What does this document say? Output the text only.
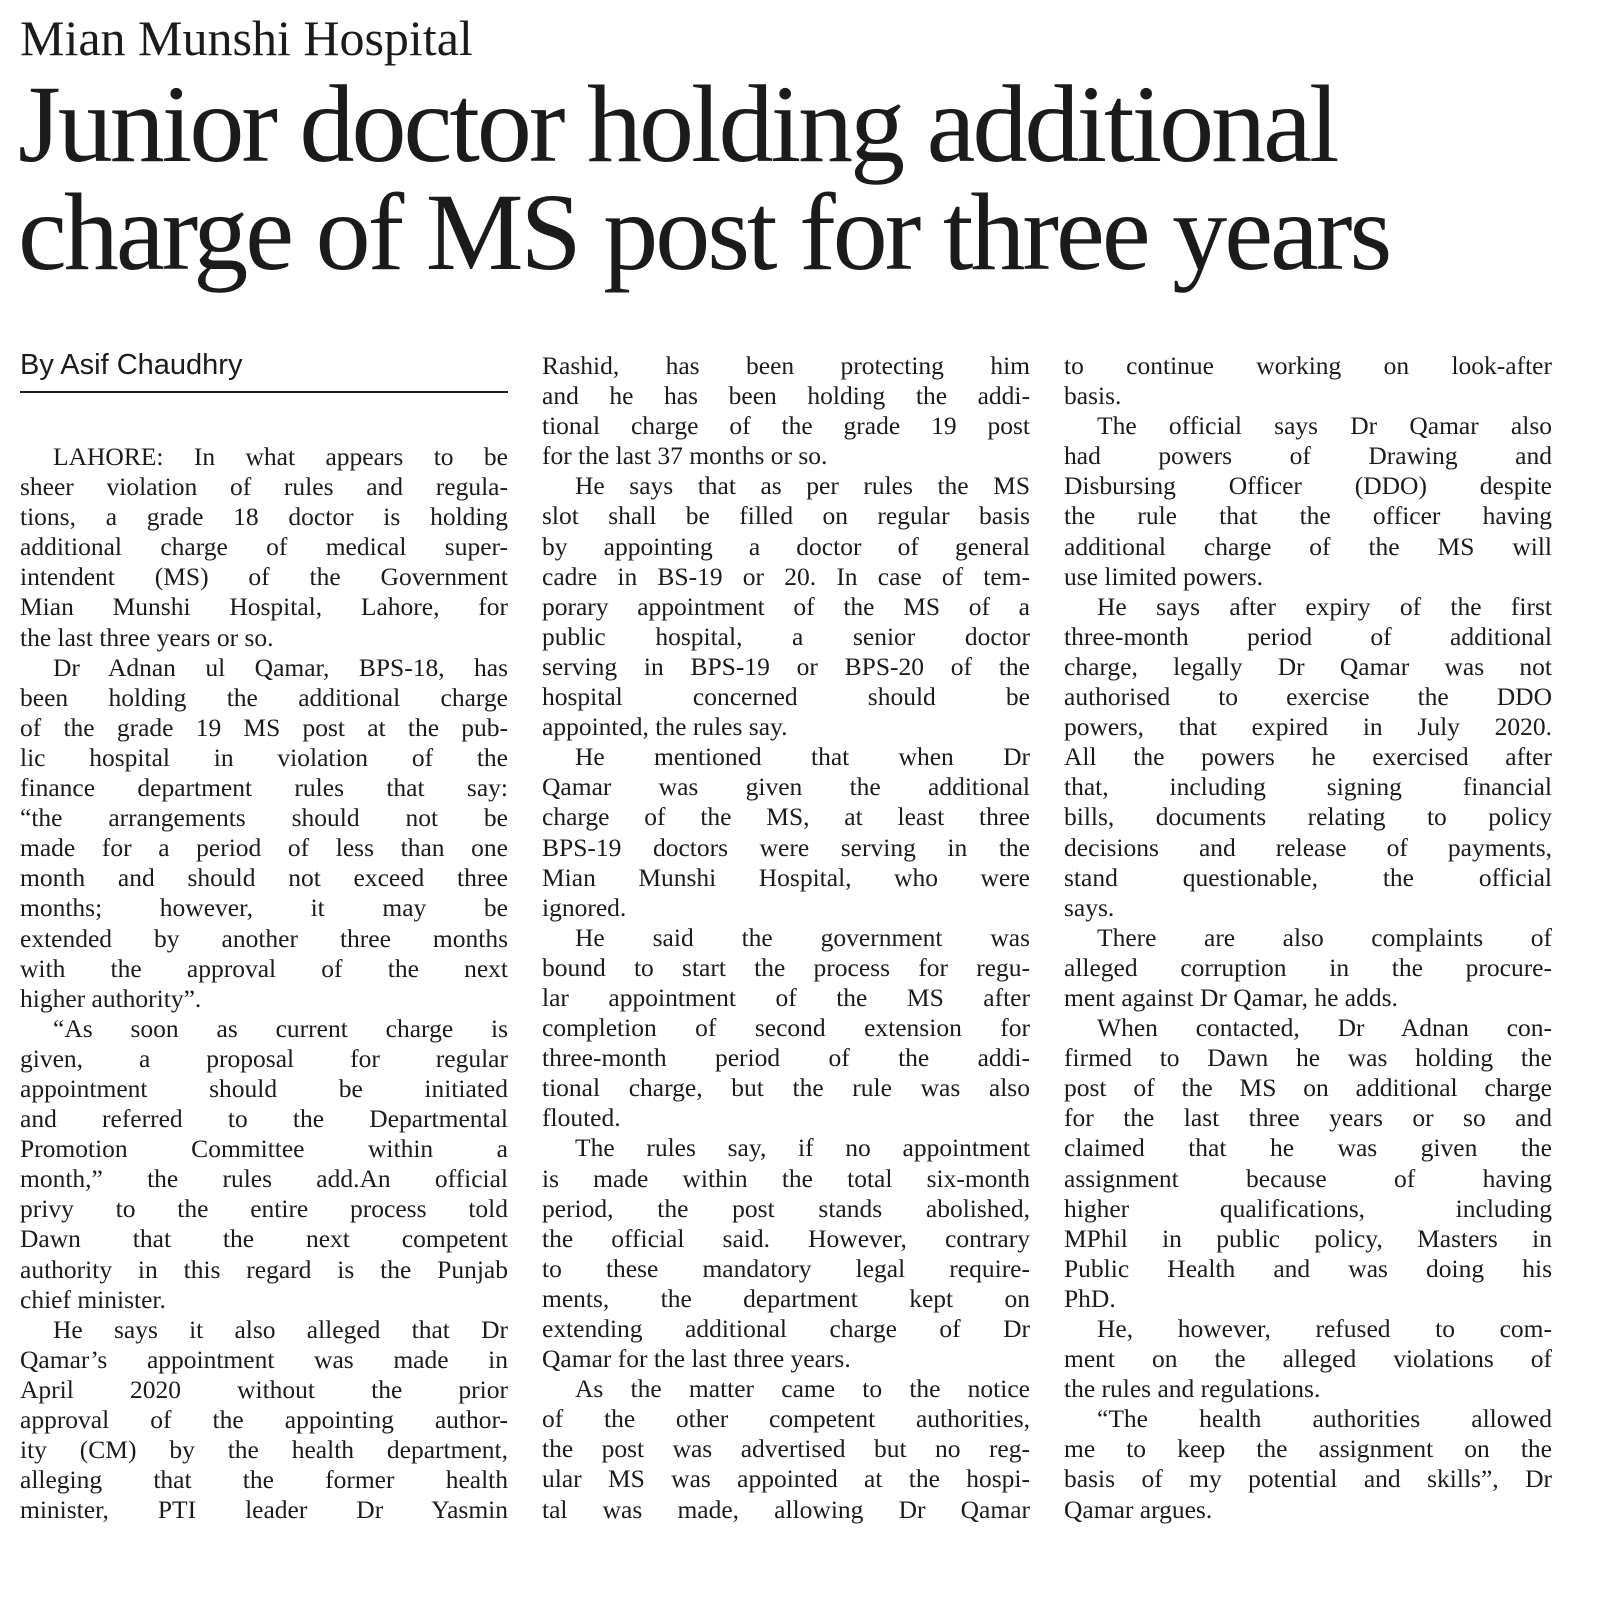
Mian Munshi Hospital
Junior doctor holding additional
charge of MS post for three years
By Asif Chaudhry
LAHORE: In what appears to be
sheer violation of rules and regula-
tions, a grade 18 doctor is holding
additional charge of medical super-
intendent (MS) of the Government
Mian Munshi Hospital, Lahore, for
the last three years or so.
Dr Adnan ul Qamar, BPS-18, has
been holding the additional charge
of the grade 19 MS post at the pub-
lic hospital in violation of the
finance department rules that say:
“the arrangements should not be
made for a period of less than one
month and should not exceed three
months; however, it may be
extended by another three months
with the approval of the next
higher authority”.
“As soon as current charge is
given, a proposal for regular
appointment should be initiated
and referred to the Departmental
Promotion Committee within a
month,” the rules add.An official
privy to the entire process told
Dawn that the next competent
authority in this regard is the Punjab
chief minister.
He says it also alleged that Dr
Qamar’s appointment was made in
April 2020 without the prior
approval of the appointing author-
ity (CM) by the health department,
alleging that the former health
minister, PTI leader Dr Yasmin
Rashid, has been protecting him
and he has been holding the addi-
tional charge of the grade 19 post
for the last 37 months or so.
He says that as per rules the MS
slot shall be filled on regular basis
by appointing a doctor of general
cadre in BS-19 or 20. In case of tem-
porary appointment of the MS of a
public hospital, a senior doctor
serving in BPS-19 or BPS-20 of the
hospital concerned should be
appointed, the rules say.
He mentioned that when Dr
Qamar was given the additional
charge of the MS, at least three
BPS-19 doctors were serving in the
Mian Munshi Hospital, who were
ignored.
He said the government was
bound to start the process for regu-
lar appointment of the MS after
completion of second extension for
three-month period of the addi-
tional charge, but the rule was also
flouted.
The rules say, if no appointment
is made within the total six-month
period, the post stands abolished,
the official said. However, contrary
to these mandatory legal require-
ments, the department kept on
extending additional charge of Dr
Qamar for the last three years.
As the matter came to the notice
of the other competent authorities,
the post was advertised but no reg-
ular MS was appointed at the hospi-
tal was made, allowing Dr Qamar
to continue working on look-after
basis.
The official says Dr Qamar also
had powers of Drawing and
Disbursing Officer (DDO) despite
the rule that the officer having
additional charge of the MS will
use limited powers.
He says after expiry of the first
three-month period of additional
charge, legally Dr Qamar was not
authorised to exercise the DDO
powers, that expired in July 2020.
All the powers he exercised after
that, including signing financial
bills, documents relating to policy
decisions and release of payments,
stand questionable, the official
says.
There are also complaints of
alleged corruption in the procure-
ment against Dr Qamar, he adds.
When contacted, Dr Adnan con-
firmed to Dawn he was holding the
post of the MS on additional charge
for the last three years or so and
claimed that he was given the
assignment because of having
higher qualifications, including
MPhil in public policy, Masters in
Public Health and was doing his
PhD.
He, however, refused to com-
ment on the alleged violations of
the rules and regulations.
“The health authorities allowed
me to keep the assignment on the
basis of my potential and skills”, Dr
Qamar argues.
